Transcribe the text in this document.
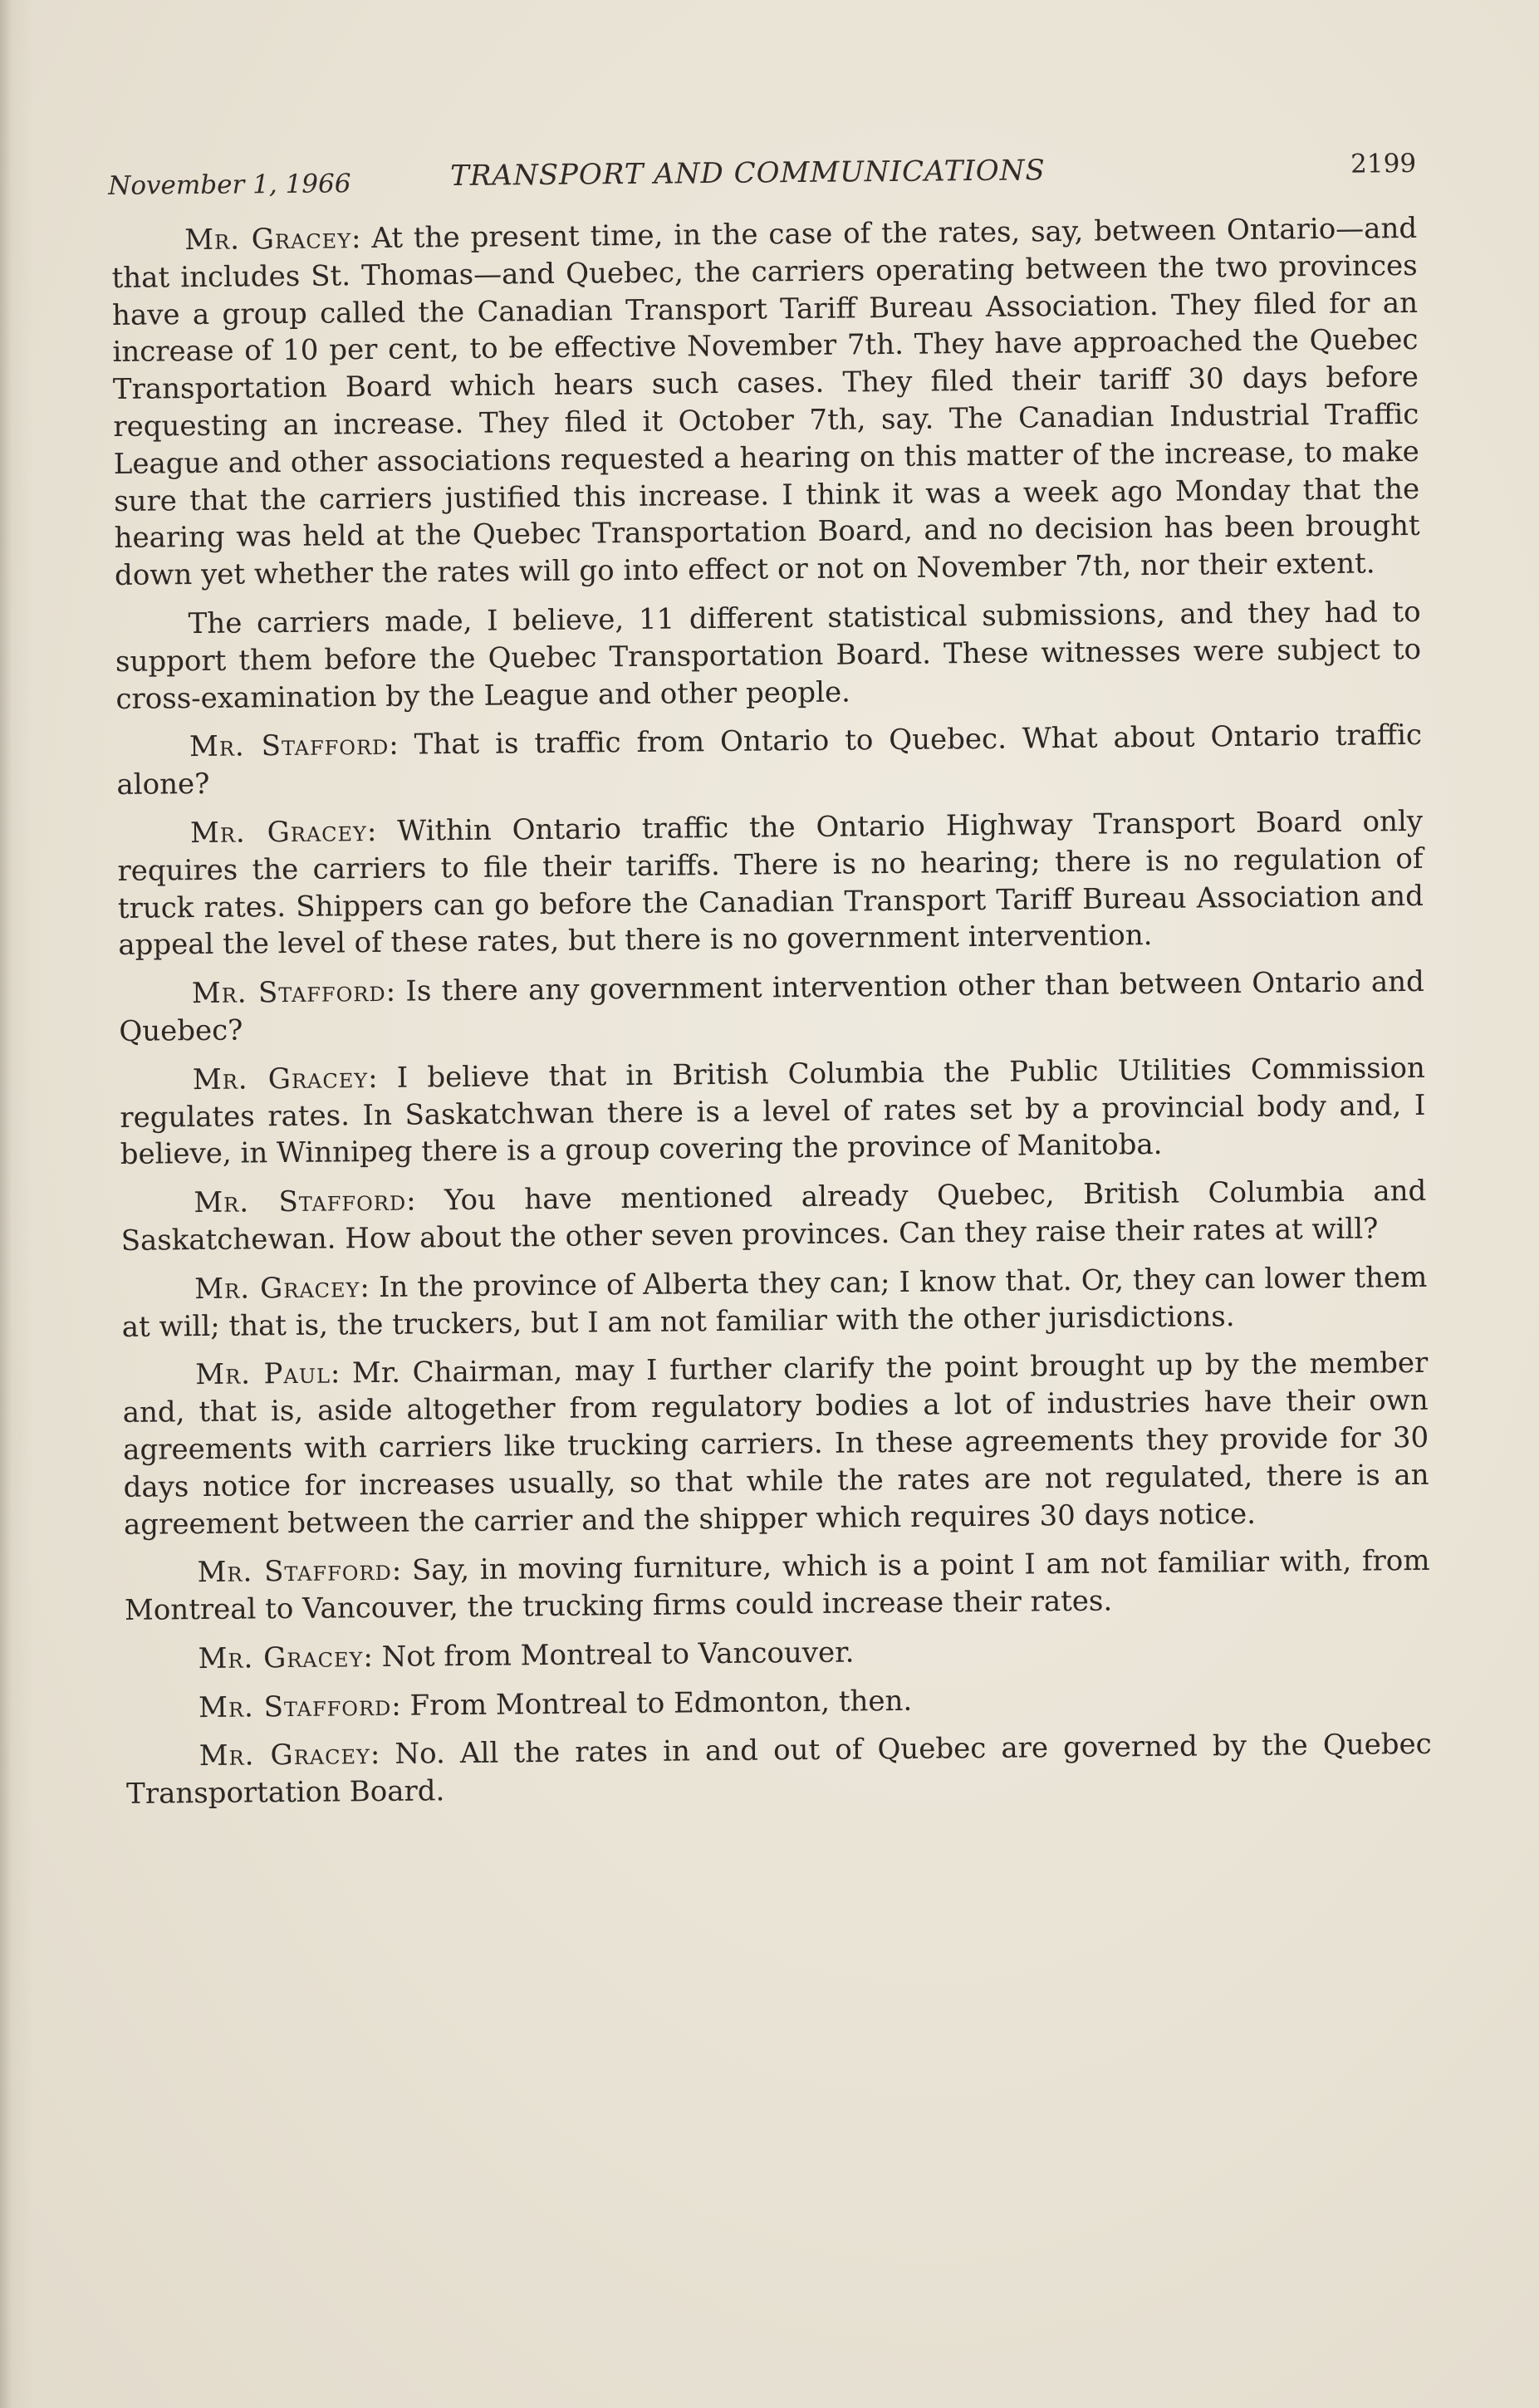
November 1, 1966	TRANSPORT AND COMMUNICATIONS	2199

Mr. Gracey: At the present time, in the case of the rates, say, between Ontario—and that includes St. Thomas—and Quebec, the carriers operating between the two provinces have a group called the Canadian Transport Tariff Bureau Association. They filed for an increase of 10 per cent, to be effective November 7th. They have approached the Quebec Transportation Board which hears such cases. They filed their tariff 30 days before requesting an increase. They filed it October 7th, say. The Canadian Industrial Traffic League and other associations requested a hearing on this matter of the increase, to make sure that the carriers justified this increase. I think it was a week ago Monday that the hearing was held at the Quebec Transportation Board, and no decision has been brought down yet whether the rates will go into effect or not on November 7th, nor their extent.

The carriers made, I believe, 11 different statistical submissions, and they had to support them before the Quebec Transportation Board. These witnesses were subject to cross-examination by the League and other people.

Mr. Stafford: That is traffic from Ontario to Quebec. What about Ontario traffic alone?

Mr. Gracey: Within Ontario traffic the Ontario Highway Transport Board only requires the carriers to file their tariffs. There is no hearing; there is no regulation of truck rates. Shippers can go before the Canadian Transport Tariff Bureau Association and appeal the level of these rates, but there is no government intervention.

Mr. Stafford: Is there any government intervention other than between Ontario and Quebec?

Mr. Gracey: I believe that in British Columbia the Public Utilities Commission regulates rates. In Saskatchwan there is a level of rates set by a provincial body and, I believe, in Winnipeg there is a group covering the province of Manitoba.

Mr. Stafford: You have mentioned already Quebec, British Columbia and Saskatchewan. How about the other seven provinces. Can they raise their rates at will?

Mr. Gracey: In the province of Alberta they can; I know that. Or, they can lower them at will; that is, the truckers, but I am not familiar with the other jurisdictions.

Mr. Paul: Mr. Chairman, may I further clarify the point brought up by the member and, that is, aside altogether from regulatory bodies a lot of industries have their own agreements with carriers like trucking carriers. In these agreements they provide for 30 days notice for increases usually, so that while the rates are not regulated, there is an agreement between the carrier and the shipper which requires 30 days notice.

Mr. Stafford: Say, in moving furniture, which is a point I am not familiar with, from Montreal to Vancouver, the trucking firms could increase their rates.

Mr. Gracey: Not from Montreal to Vancouver.

Mr. Stafford: From Montreal to Edmonton, then.

Mr. Gracey: No. All the rates in and out of Quebec are governed by the Quebec Transportation Board.
